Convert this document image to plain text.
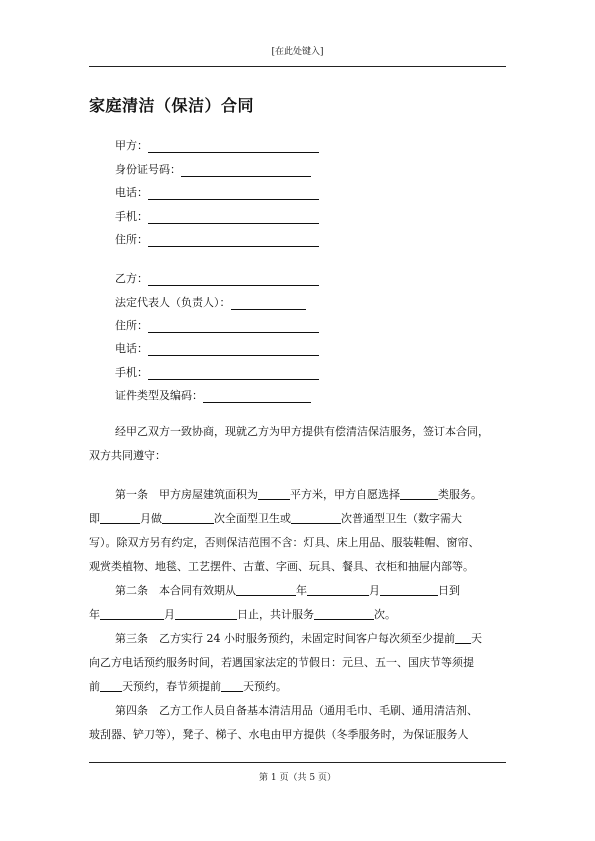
[在此处键入]
家庭清洁（保洁）合同
甲方：
身份证号码：
电话：
手机：
住所：
乙方：
法定代表人（负责人）：
住所：
电话：
手机：
证件类型及编码：
经甲乙双方一致协商，现就乙方为甲方提供有偿清洁保洁服务，签订本合同，
双方共同遵守：
第一条　甲方房屋建筑面积为	平方米，甲方自愿选择	类服务。
即	月做	次全面型卫生或	次普通型卫生（数字需大
写）。除双方另有约定，否则保洁范围不含：灯具、床上用品、服装鞋帽、窗帘、
观赏类植物、地毯、工艺摆件、古董、字画、玩具、餐具、衣柜和抽屉内部等。
第二条　本合同有效期从	年	月	日到
年	月	日止，共计服务	次。
第三条　乙方实行 24 小时服务预约，未固定时间客户每次须至少提前 天
向乙方电话预约服务时间，若遇国家法定的节假日：元旦、五一、国庆节等须提
前 天预约，春节须提前 天预约。
第四条　乙方工作人员自备基本清洁用品（通用毛巾、毛刷、通用清洁剂、
玻刮器、铲刀等），凳子、梯子、水电由甲方提供（冬季服务时，为保证服务人
第 1 页（共 5 页）
